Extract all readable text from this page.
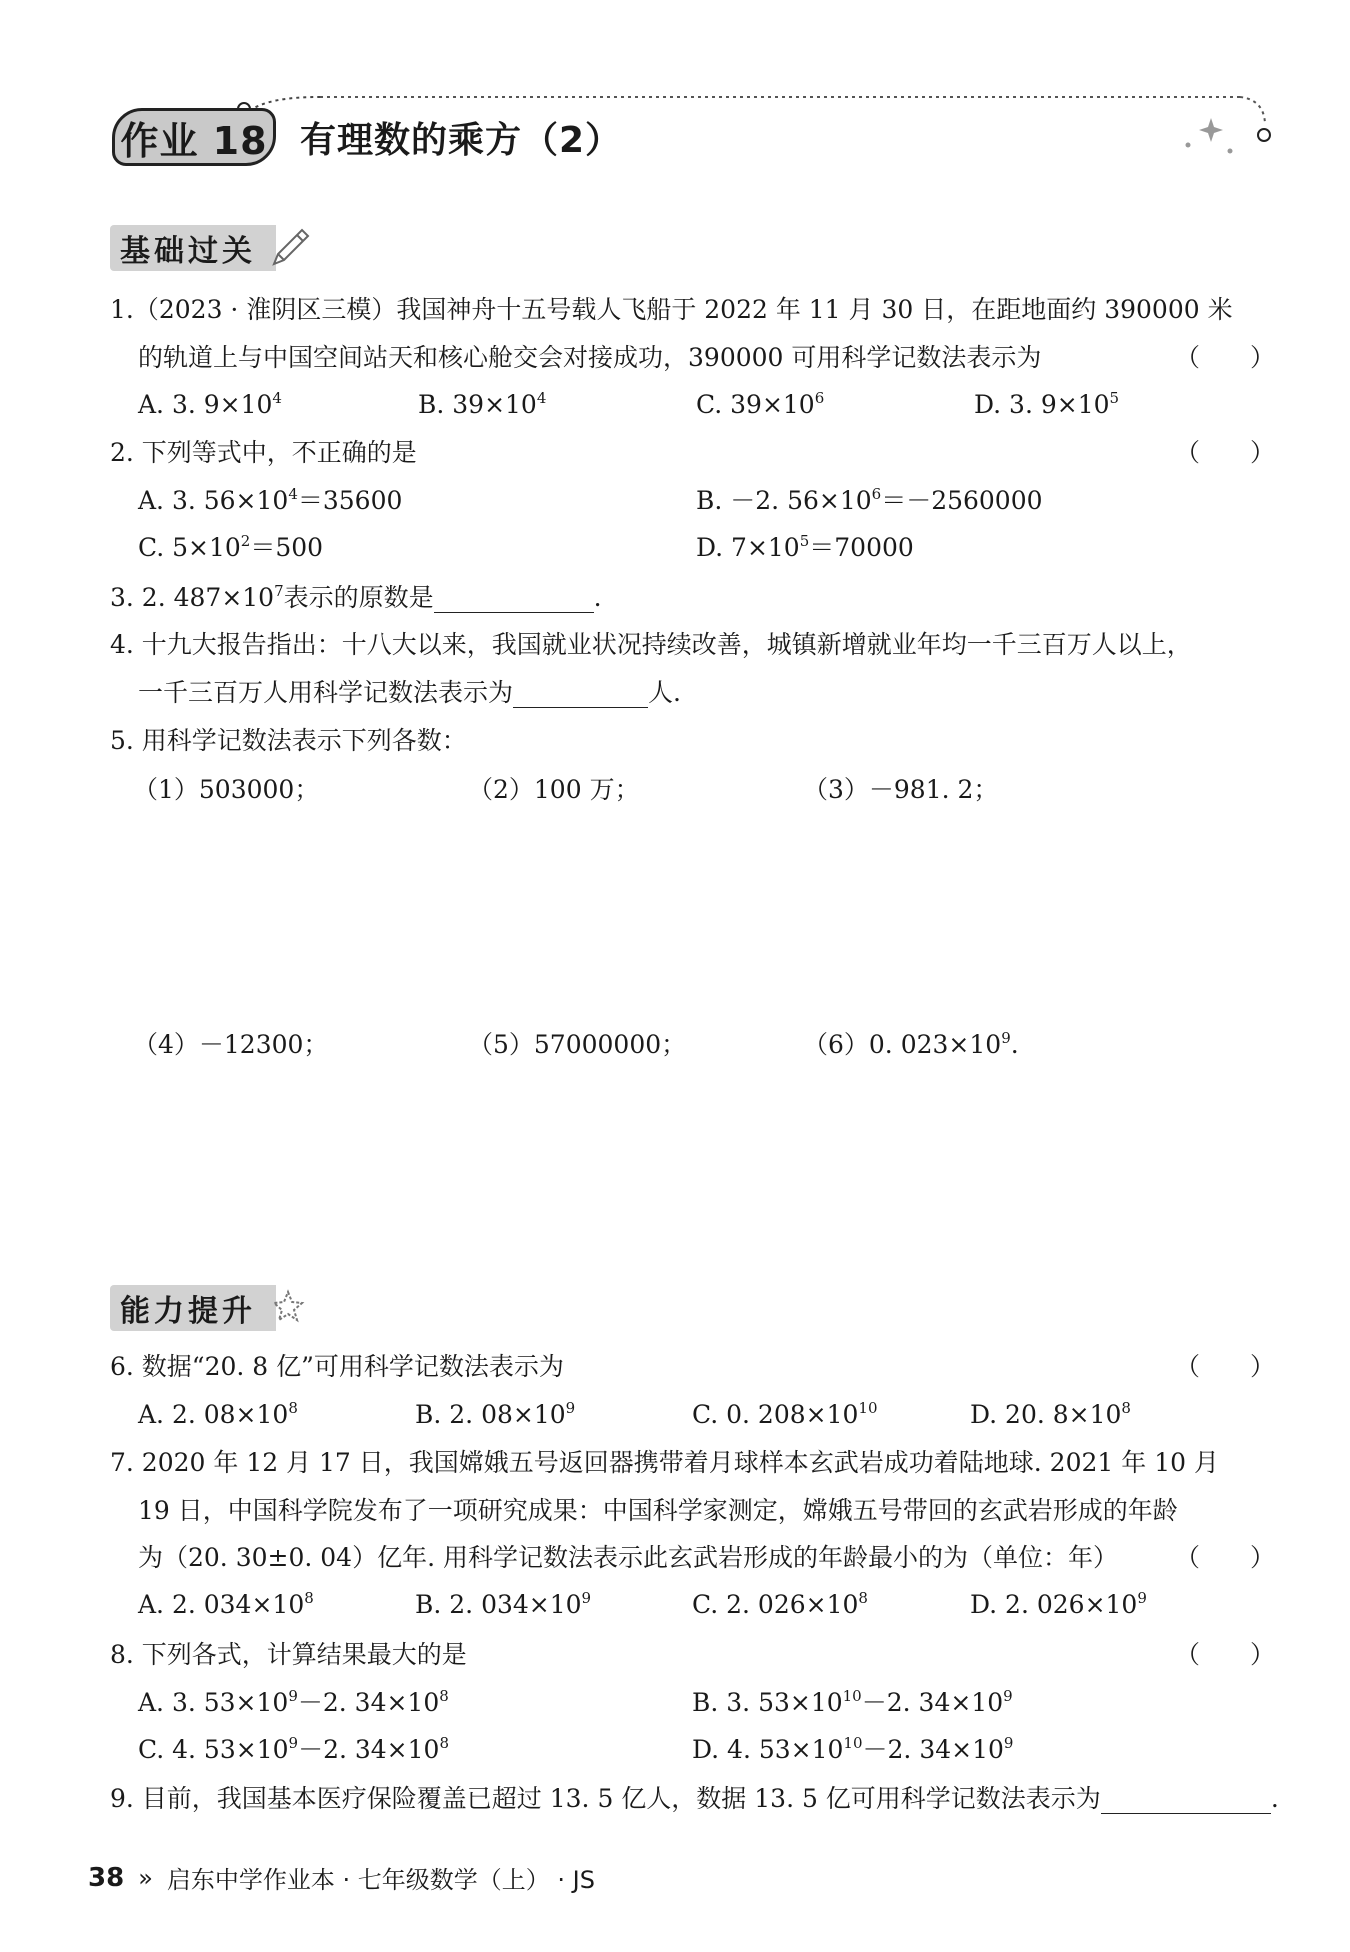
作业 18 有理数的乘方（2）
基础过关
1.（2023 · 淮阴区三模）我国神舟十五号载人飞船于 2022 年 11 月 30 日，在距地面约 390000 米
的轨道上与中国空间站天和核心舱交会对接成功，390000 可用科学记数法表示为	（　　）
A. 3. $9\times 10^4$	B. $39\times 10^4$	C. $39\times 10^6$	D. 3. $9\times 10^5$
2. 下列等式中，不正确的是	（　　）
A. 3. $56\times 10^4=35600$	B. －2. $56\times 10^6=-2560000$
C. $5\times 10^2=500$	D. $7\times 10^5=70000$
3. 2. $487\times 10^7$表示的原数是	.
4. 十九大报告指出：十八大以来，我国就业状况持续改善，城镇新增就业年均一千三百万人以上，
一千三百万人用科学记数法表示为	人.
5. 用科学记数法表示下列各数：
（1）503000；	（2）100 万；	（3）－981. 2；
（4）－12300；	（5）57000000；	（6）0. $023\times 10^9$.
能力提升
6. 数据“20. 8 亿”可用科学记数法表示为	（　　）
A. 2. $08\times 10^8$	B. 2. $08\times 10^9$	C. 0. $208\times 10^{10}$	D. 20. $8\times 10^8$
7. 2020 年 12 月 17 日，我国嫦娥五号返回器携带着月球样本玄武岩成功着陆地球. 2021 年 10 月
19 日，中国科学院发布了一项研究成果：中国科学家测定，嫦娥五号带回的玄武岩形成的年龄
为（20. 30±0. 04）亿年. 用科学记数法表示此玄武岩形成的年龄最小的为（单位：年） （　　）
A. 2. $034\times 10^8$	B. 2. $034\times 10^9$	C. 2. $026\times 10^8$	D. 2. $026\times 10^9$
8. 下列各式，计算结果最大的是	（　　）
A. 3. $53\times 10^9-2$. $34\times 10^8$	B. 3. $53\times 10^{10}-2$. $34\times 10^9$
C. 4. $53\times 10^9-2$. $34\times 10^8$	D. 4. $53\times 10^{10}-2$. $34\times 10^9$
9. 目前，我国基本医疗保险覆盖已超过 13. 5 亿人，数据 13. 5 亿可用科学记数法表示为	.
38 » 启东中学作业本 · 七年级数学（上） · JS
